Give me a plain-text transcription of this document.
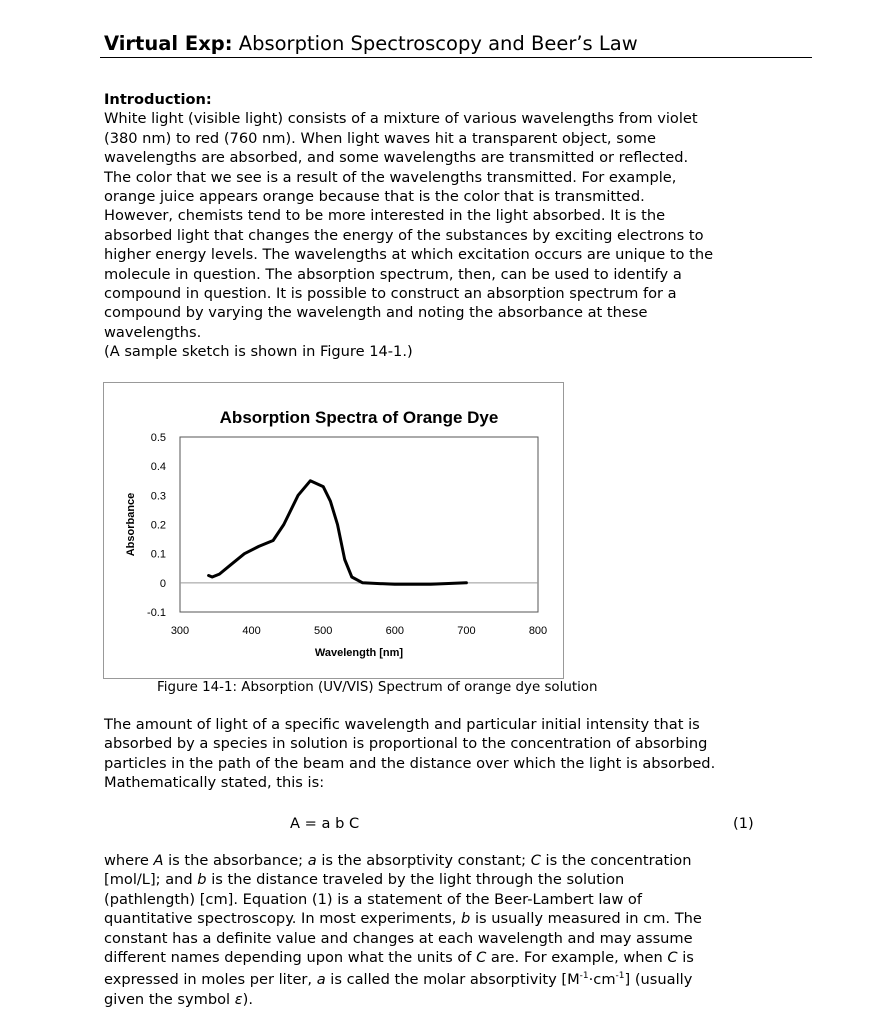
Virtual Exp: Absorption Spectroscopy and Beer’s Law
Introduction:
White light (visible light) consists of a mixture of various wavelengths from violet
(380 nm) to red (760 nm). When light waves hit a transparent object, some
wavelengths are absorbed, and some wavelengths are transmitted or reflected.
The color that we see is a result of the wavelengths transmitted. For example,
orange juice appears orange because that is the color that is transmitted.
However, chemists tend to be more interested in the light absorbed. It is the
absorbed light that changes the energy of the substances by exciting electrons to
higher energy levels. The wavelengths at which excitation occurs are unique to the
molecule in question. The absorption spectrum, then, can be used to identify a
compound in question. It is possible to construct an absorption spectrum for a
compound by varying the wavelength and noting the absorbance at these
wavelengths.
(A sample sketch is shown in Figure 14-1.)
Absorption Spectra of Orange Dye
0.5
0.4
0.3
0.2
0.1
0
-0.1
300	400	500	600	700	800
Wavelength [nm]
Absorbance
Figure 14-1: Absorption (UV/VIS) Spectrum of orange dye solution
The amount of light of a specific wavelength and particular initial intensity that is
absorbed by a species in solution is proportional to the concentration of absorbing
particles in the path of the beam and the distance over which the light is absorbed.
Mathematically stated, this is:
A = a b C	(1)
where A is the absorbance; a is the absorptivity constant; C is the concentration
[mol/L]; and b is the distance traveled by the light through the solution
(pathlength) [cm]. Equation (1) is a statement of the Beer-Lambert law of
quantitative spectroscopy. In most experiments, b is usually measured in cm. The
constant has a definite value and changes at each wavelength and may assume
different names depending upon what the units of C are. For example, when C is
expressed in moles per liter, a is called the molar absorptivity $[M^{-1}\cdot cm^{-1}]$ (usually
given the symbol ε).
